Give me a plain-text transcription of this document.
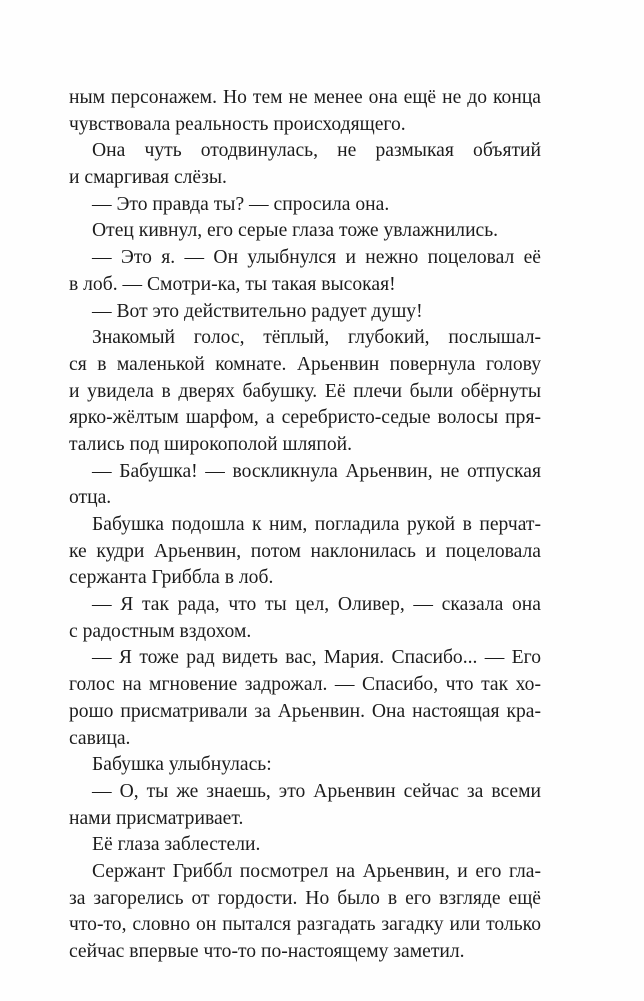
ным персонажем. Но тем не менее она ещё не до конца
чувствовала реальность происходящего.
Она чуть отодвинулась, не размыкая объятий
и смаргивая слёзы.
— Это правда ты? — спросила она.
Отец кивнул, его серые глаза тоже увлажнились.
— Это я. — Он улыбнулся и нежно поцеловал её
в лоб. — Смотри-ка, ты такая высокая!
— Вот это действительно радует душу!
Знакомый голос, тёплый, глубокий, послышал-
ся в маленькой комнате. Арьенвин повернула голову
и увидела в дверях бабушку. Её плечи были обёрнуты
ярко-жёлтым шарфом, а серебристо-седые волосы пря-
тались под широкополой шляпой.
— Бабушка! — воскликнула Арьенвин, не отпуская
отца.
Бабушка подошла к ним, погладила рукой в перчат-
ке кудри Арьенвин, потом наклонилась и поцеловала
сержанта Гриббла в лоб.
— Я так рада, что ты цел, Оливер, — сказала она
с радостным вздохом.
— Я тоже рад видеть вас, Мария. Спасибо... — Его
голос на мгновение задрожал. — Спасибо, что так хо-
рошо присматривали за Арьенвин. Она настоящая кра-
савица.
Бабушка улыбнулась:
— О, ты же знаешь, это Арьенвин сейчас за всеми
нами присматривает.
Её глаза заблестели.
Сержант Гриббл посмотрел на Арьенвин, и его гла-
за загорелись от гордости. Но было в его взгляде ещё
что-то, словно он пытался разгадать загадку или только
сейчас впервые что-то по-настоящему заметил.
